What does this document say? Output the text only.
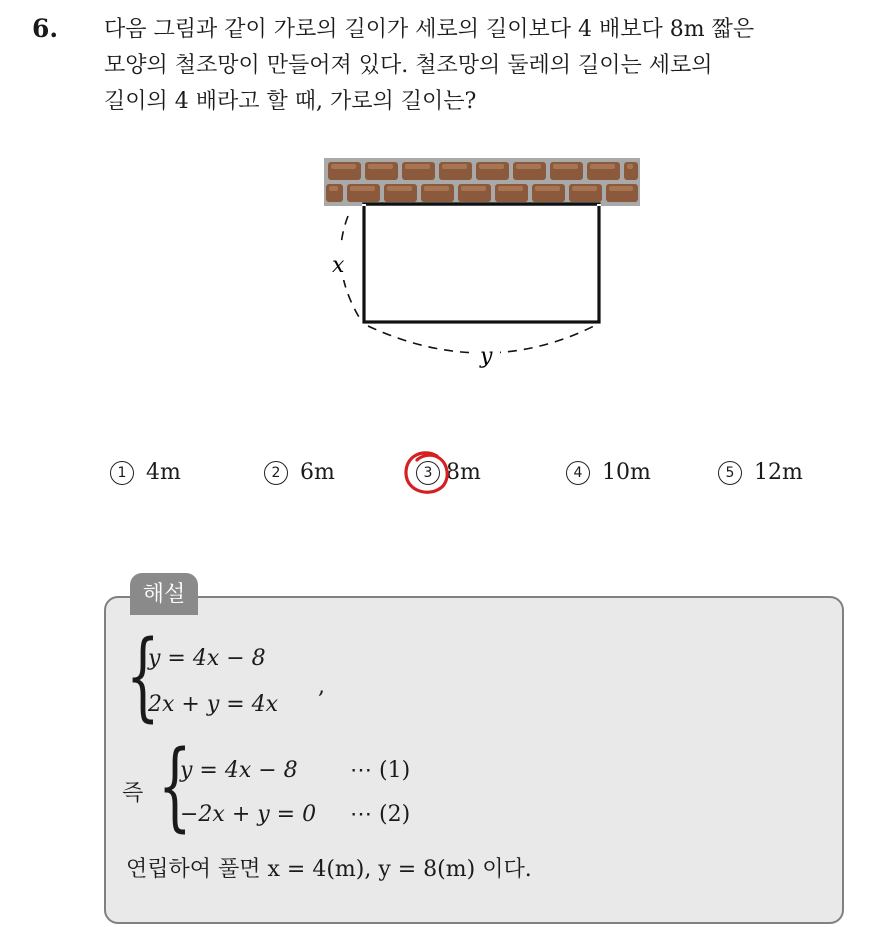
6. 다음 그림과 같이 가로의 길이가 세로의 길이보다 4 배보다 8m 짧은
모양의 철조망이 만들어져 있다. 철조망의 둘레의 길이는 세로의
길이의 4 배라고 할 때, 가로의 길이는?
x
y
1 4m	2 6m	3 8m	4 10m	5 12m
해설
{
y = 4x − 8
2x + y = 4x
,
즉 {
y = 4x − 8 ⋯ (1)
−2x + y = 0 ⋯ (2)
연립하여 풀면 x = 4(m), y = 8(m) 이다.
